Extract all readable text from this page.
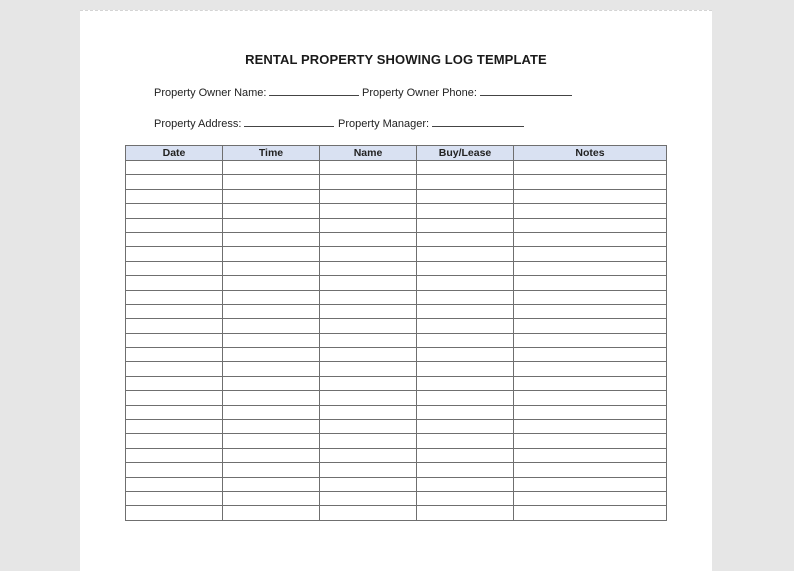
RENTAL PROPERTY SHOWING LOG TEMPLATE
Property Owner Name:	Property Owner Phone:
Property Address:	Property Manager:
Date	Time	Name	Buy/Lease	Notes
